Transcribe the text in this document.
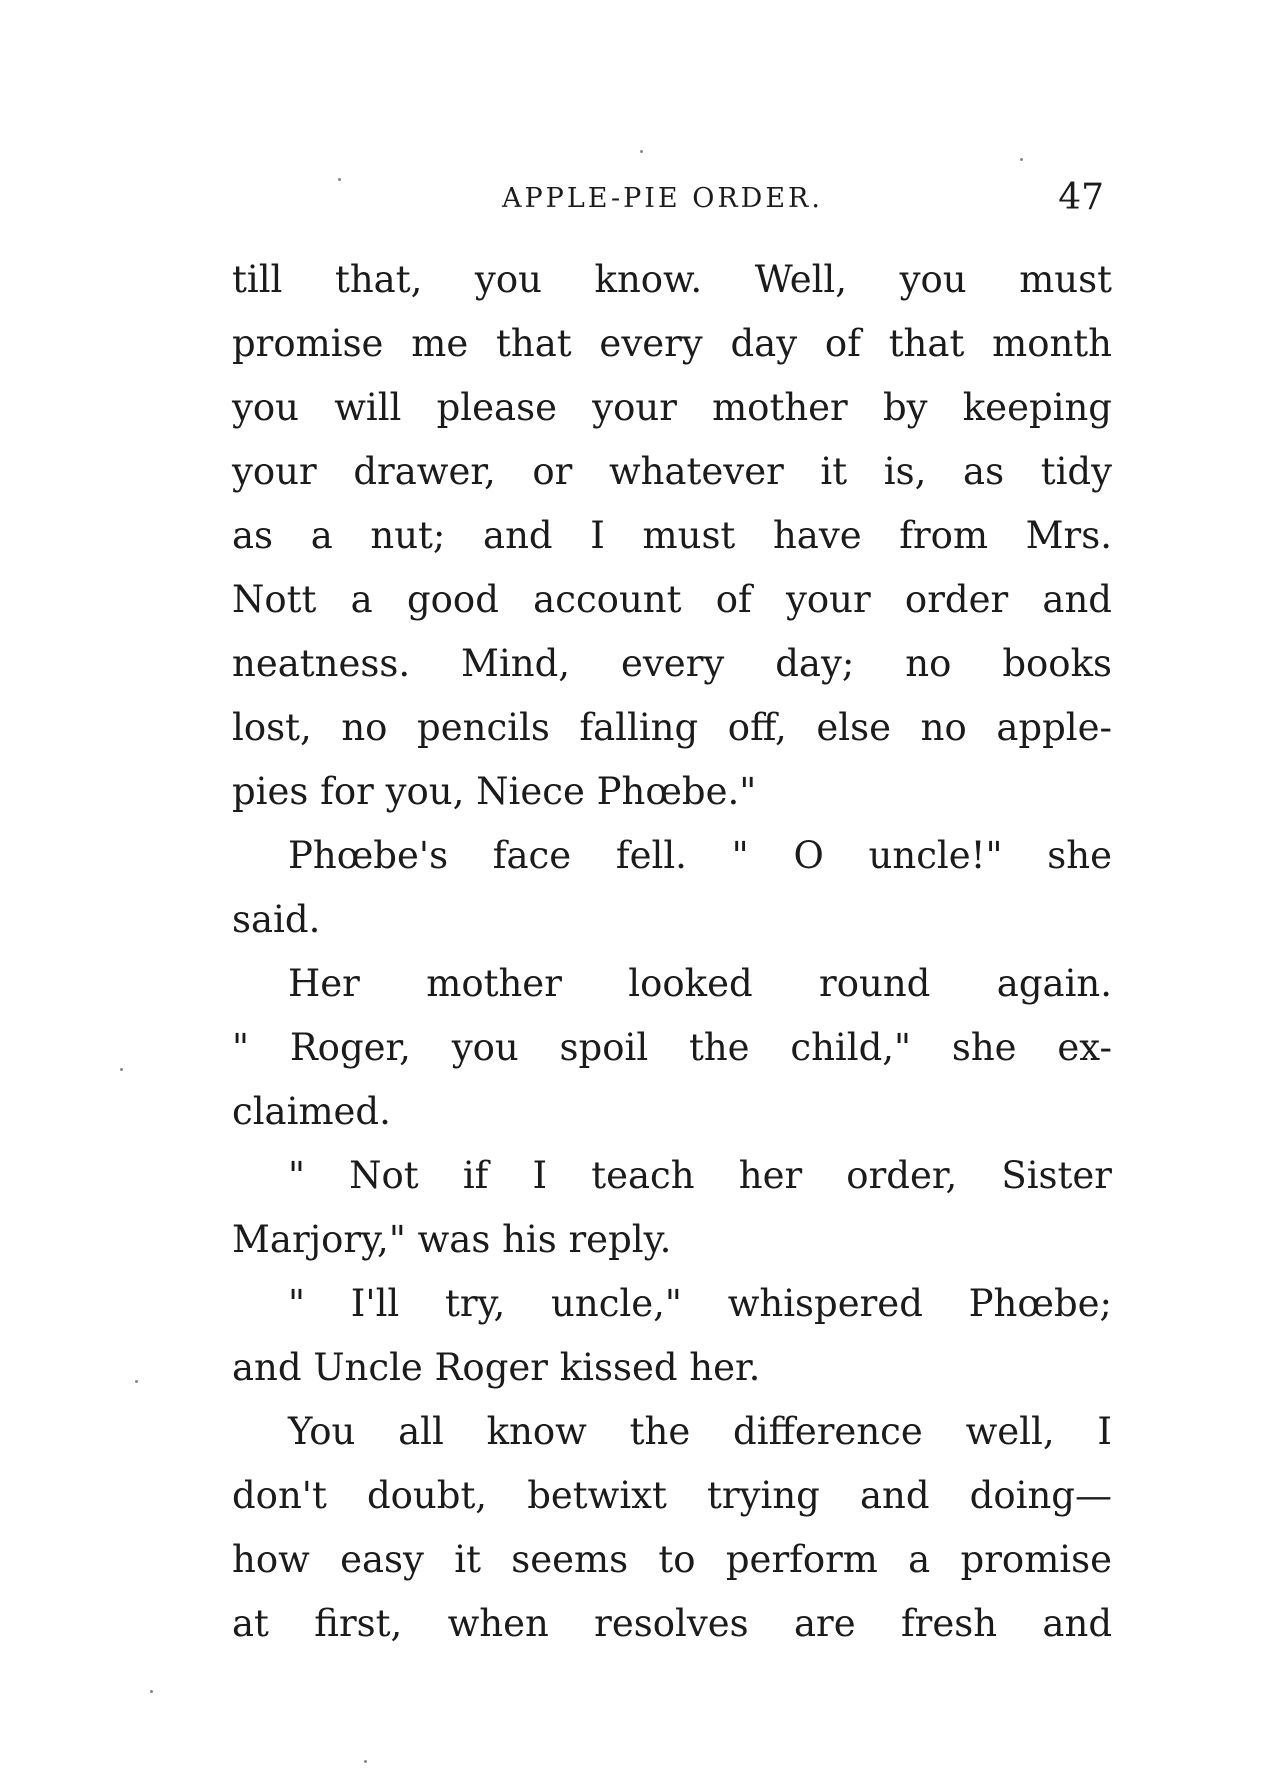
APPLE-PIE ORDER.	47
till that, you know. Well, you must
promise me that every day of that month
you will please your mother by keeping
your drawer, or whatever it is, as tidy
as a nut; and I must have from Mrs.
Nott a good account of your order and
neatness. Mind, every day; no books
lost, no pencils falling off, else no apple-
pies for you, Niece Phœbe."
Phœbe's face fell. " O uncle!" she
said.
Her mother looked round again.
" Roger, you spoil the child," she ex-
claimed.
" Not if I teach her order, Sister
Marjory," was his reply.
" I'll try, uncle," whispered Phœbe;
and Uncle Roger kissed her.
You all know the difference well, I
don't doubt, betwixt trying and doing—
how easy it seems to perform a promise
at first, when resolves are fresh and
